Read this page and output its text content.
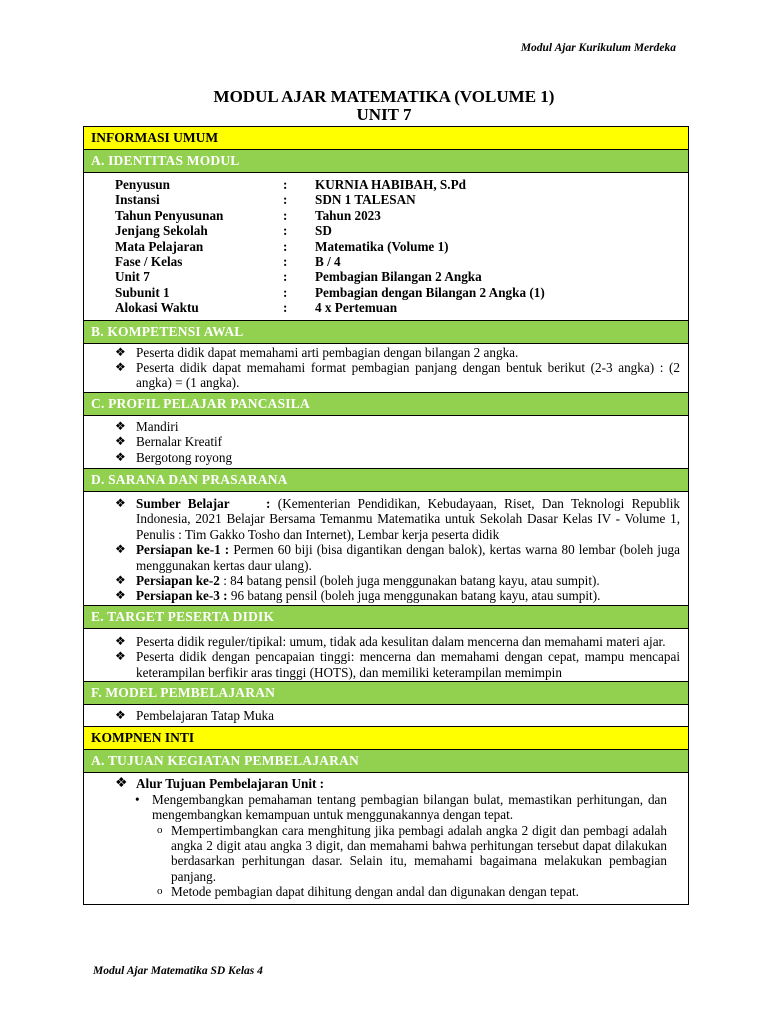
Modul Ajar Kurikulum Merdeka
MODUL AJAR MATEMATIKA (VOLUME 1)
UNIT 7
INFORMASI UMUM
A. IDENTITAS MODUL
Penyusun	:	KURNIA HABIBAH, S.Pd
Instansi	:	SDN 1 TALESAN
Tahun Penyusunan	:	Tahun 2023
Jenjang Sekolah	:	SD
Mata Pelajaran	:	Matematika (Volume 1)
Fase / Kelas	:	B / 4
Unit 7	:	Pembagian Bilangan 2 Angka
Subunit 1	:	Pembagian dengan Bilangan 2 Angka (1)
Alokasi Waktu	:	4 x Pertemuan
B. KOMPETENSI AWAL
❖ Peserta didik dapat memahami arti pembagian dengan bilangan 2 angka.
❖ Peserta didik dapat memahami format pembagian panjang dengan bentuk berikut (2-3 angka) : (2 angka) = (1 angka).
C. PROFIL PELAJAR PANCASILA
❖ Mandiri
❖ Bernalar Kreatif
❖ Bergotong royong
D. SARANA DAN PRASARANA
❖ Sumber Belajar     : (Kementerian Pendidikan, Kebudayaan, Riset, Dan Teknologi Republik Indonesia, 2021 Belajar Bersama Temanmu Matematika untuk Sekolah Dasar Kelas IV - Volume 1, Penulis : Tim Gakko Tosho dan Internet), Lembar kerja peserta didik
❖ Persiapan ke-1 : Permen 60 biji (bisa digantikan dengan balok), kertas warna 80 lembar (boleh juga menggunakan kertas daur ulang).
❖ Persiapan ke-2 : 84 batang pensil (boleh juga menggunakan batang kayu, atau sumpit).
❖ Persiapan ke-3 : 96 batang pensil (boleh juga menggunakan batang kayu, atau sumpit).
E. TARGET PESERTA DIDIK
❖ Peserta didik reguler/tipikal: umum, tidak ada kesulitan dalam mencerna dan memahami materi ajar.
❖ Peserta didik dengan pencapaian tinggi: mencerna dan memahami dengan cepat, mampu mencapai keterampilan berfikir aras tinggi (HOTS), dan memiliki keterampilan memimpin
F. MODEL PEMBELAJARAN
❖ Pembelajaran Tatap Muka
KOMPNEN INTI
A. TUJUAN KEGIATAN PEMBELAJARAN
❖ Alur Tujuan Pembelajaran Unit :
• Mengembangkan pemahaman tentang pembagian bilangan bulat, memastikan perhitungan, dan mengembangkan kemampuan untuk menggunakannya dengan tepat.
o Mempertimbangkan cara menghitung jika pembagi adalah angka 2 digit dan pembagi adalah angka 2 digit atau angka 3 digit, dan memahami bahwa perhitungan tersebut dapat dilakukan berdasarkan perhitungan dasar. Selain itu, memahami bagaimana melakukan pembagian panjang.
o Metode pembagian dapat dihitung dengan andal dan digunakan dengan tepat.
Modul Ajar Matematika SD Kelas 4
